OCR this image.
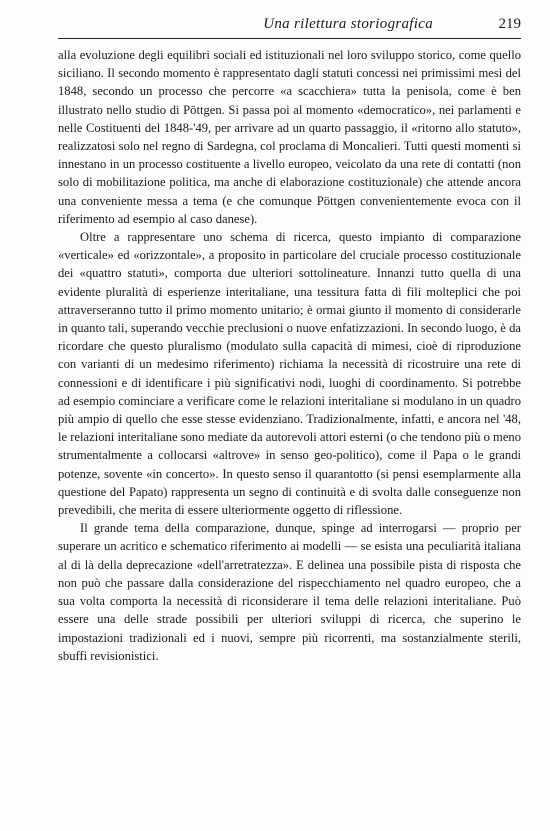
Una rilettura storiografica	219

alla evoluzione degli equilibri sociali ed istituzionali nel loro sviluppo storico, come quello siciliano. Il secondo momento è rappresentato dagli statuti concessi nei primissimi mesi del 1848, secondo un processo che percorre «a scacchiera» tutta la penisola, come è ben illustrato nello studio di Pöttgen. Si passa poi al momento «democratico», nei parlamenti e nelle Costituenti del 1848-'49, per arrivare ad un quarto passaggio, il «ritorno allo statuto», realizzatosi solo nel regno di Sardegna, col proclama di Moncalieri. Tutti questi momenti si innestano in un processo costituente a livello europeo, veicolato da una rete di contatti (non solo di mobilitazione politica, ma anche di elaborazione costituzionale) che attende ancora una conveniente messa a tema (e che comunque Pöttgen convenientemente evoca con il riferimento ad esempio al caso danese).

Oltre a rappresentare uno schema di ricerca, questo impianto di comparazione «verticale» ed «orizzontale», a proposito in particolare del cruciale processo costituzionale dei «quattro statuti», comporta due ulteriori sottolineature. Innanzi tutto quella di una evidente pluralità di esperienze interitaliane, una tessitura fatta di fili molteplici che poi attraverseranno tutto il primo momento unitario; è ormai giunto il momento di considerarle in quanto tali, superando vecchie preclusioni o nuove enfatizzazioni. In secondo luogo, è da ricordare che questo pluralismo (modulato sulla capacità di mimesi, cioè di riproduzione con varianti di un medesimo riferimento) richiama la necessità di ricostruire una rete di connessioni e di identificare i più significativi nodi, luoghi di coordinamento. Si potrebbe ad esempio cominciare a verificare come le relazioni interitaliane si modulano in un quadro più ampio di quello che esse stesse evidenziano. Tradizionalmente, infatti, e ancora nel '48, le relazioni interitaliane sono mediate da autorevoli attori esterni (o che tendono più o meno strumentalmente a collocarsi «altrove» in senso geo-politico), come il Papa o le grandi potenze, sovente «in concerto». In questo senso il quarantotto (si pensi esemplarmente alla questione del Papato) rappresenta un segno di continuità e di svolta dalle conseguenze non prevedibili, che merita di essere ulteriormente oggetto di riflessione.

Il grande tema della comparazione, dunque, spinge ad interrogarsi — proprio per superare un acritico e schematico riferimento ai modelli — se esista una peculiarità italiana al di là della deprecazione «dell'arretratezza». E delinea una possibile pista di risposta che non può che passare dalla considerazione del rispecchiamento nel quadro europeo, che a sua volta comporta la necessità di riconsiderare il tema delle relazioni interitaliane. Può essere una delle strade possibili per ulteriori sviluppi di ricerca, che superino le impostazioni tradizionali ed i nuovi, sempre più ricorrenti, ma sostanzialmente sterili, sbuffi revisionistici.
